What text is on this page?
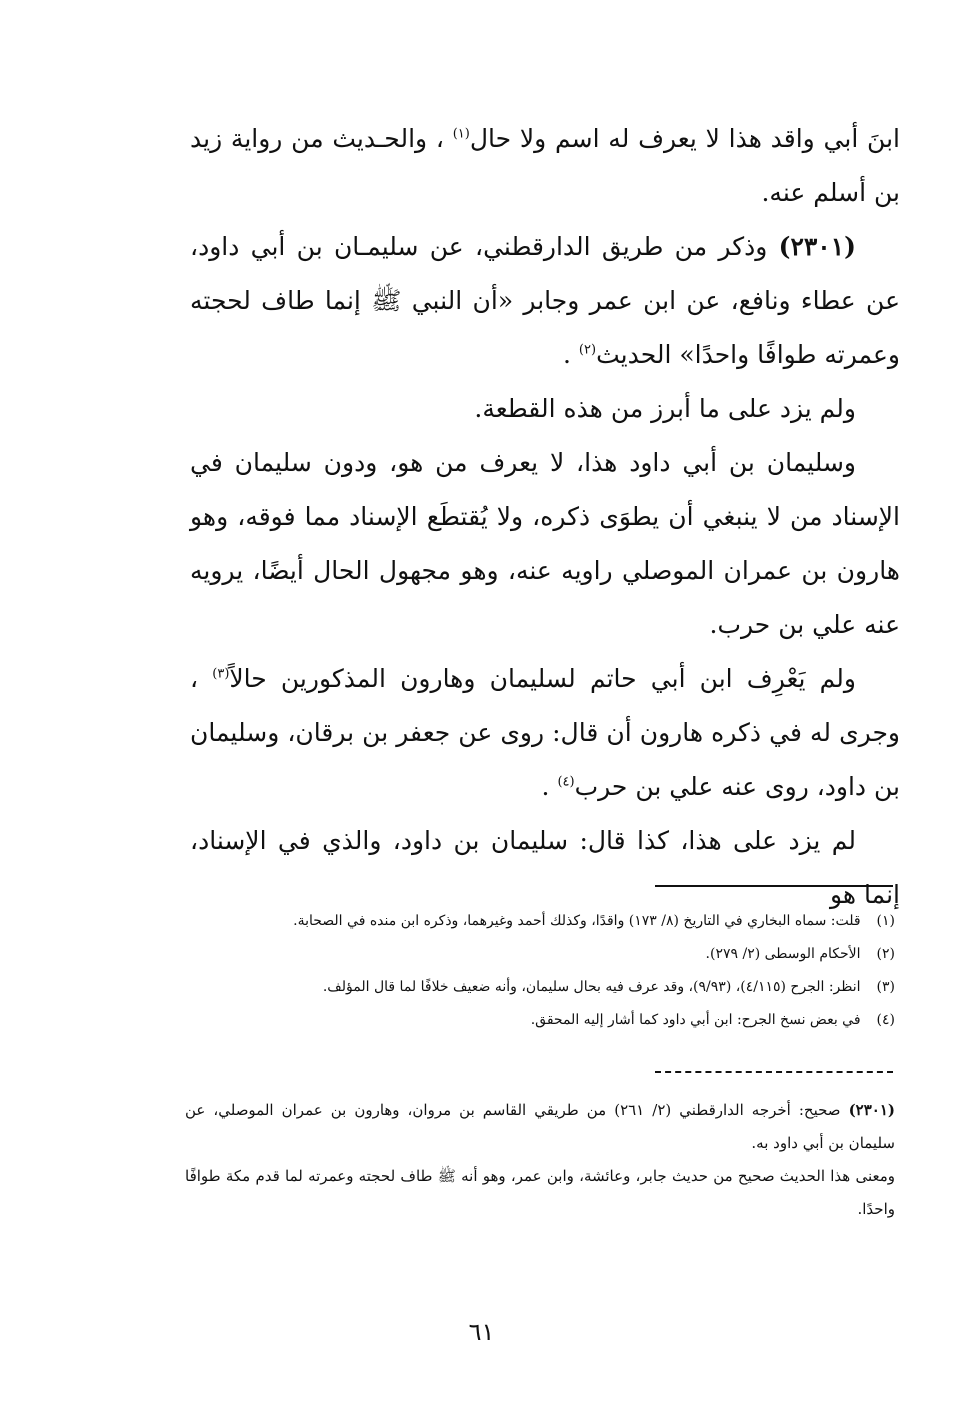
ابنَ أبي واقد هذا لا يعرف له اسم ولا حال$^{(١)}$ ، والحـديث من رواية زيد بن أسلم عنه.

(٢٣٠١) وذكر من طريق الدارقطني، عن سليمـان بن أبي داود، عن عطاء ونافع، عن ابن عمر وجابر «أن النبي ﷺ إنما طاف لحجته وعمرته طوافًا واحدًا» الحديث$^{(٢)}$ .

ولم يزد على ما أبرز من هذه القطعة.

وسليمان بن أبي داود هذا، لا يعرف من هو، ودون سليمان في الإسناد من لا ينبغي أن يطوَى ذكره، ولا يُقتطَع الإسناد مما فوقه، وهو هارون بن عمران الموصلي راويه عنه، وهو مجهول الحال أيضًا، يرويه عنه علي بن حرب.

ولم يَعْرِف ابن أبي حاتم لسليمان وهارون المذكورين حالاً$^{(٣)}$ ، وجرى له في ذكره هارون أن قال: روى عن جعفر بن برقان، وسليمان بن داود، روى عنه علي بن حرب$^{(٤)}$ .

لم يزد على هذا، كذا قال: سليمان بن داود، والذي في الإسناد، إنما هو

(١) قلت: سماه البخاري في التاريخ (٨/ ١٧٣) واقدًا، وكذلك أحمد وغيرهما، وذكره ابن منده في الصحابة.

(٢) الأحكام الوسطى (٢/ ٢٧٩).

(٣) انظر: الجرح (٤/١١٥)، (٩/٩٣)، وقد عرف فيه بحال سليمان، وأنه ضعيف خلافًا لما قال المؤلف.

(٤) في بعض نسخ الجرح: ابن أبي داود كما أشار إليه المحقق.

(٢٣٠١) صحيح: أخرجه الدارقطني (٢/ ٢٦١) من طريقي القاسم بن مروان، وهارون بن عمران الموصلي، عن سليمان بن أبي داود به.

ومعنى هذا الحديث صحيح من حديث جابر، وعائشة، وابن عمر، وهو أنه ﷺ طاف لحجته وعمرته لما قدم مكة طوافًا واحدًا.

٦١
